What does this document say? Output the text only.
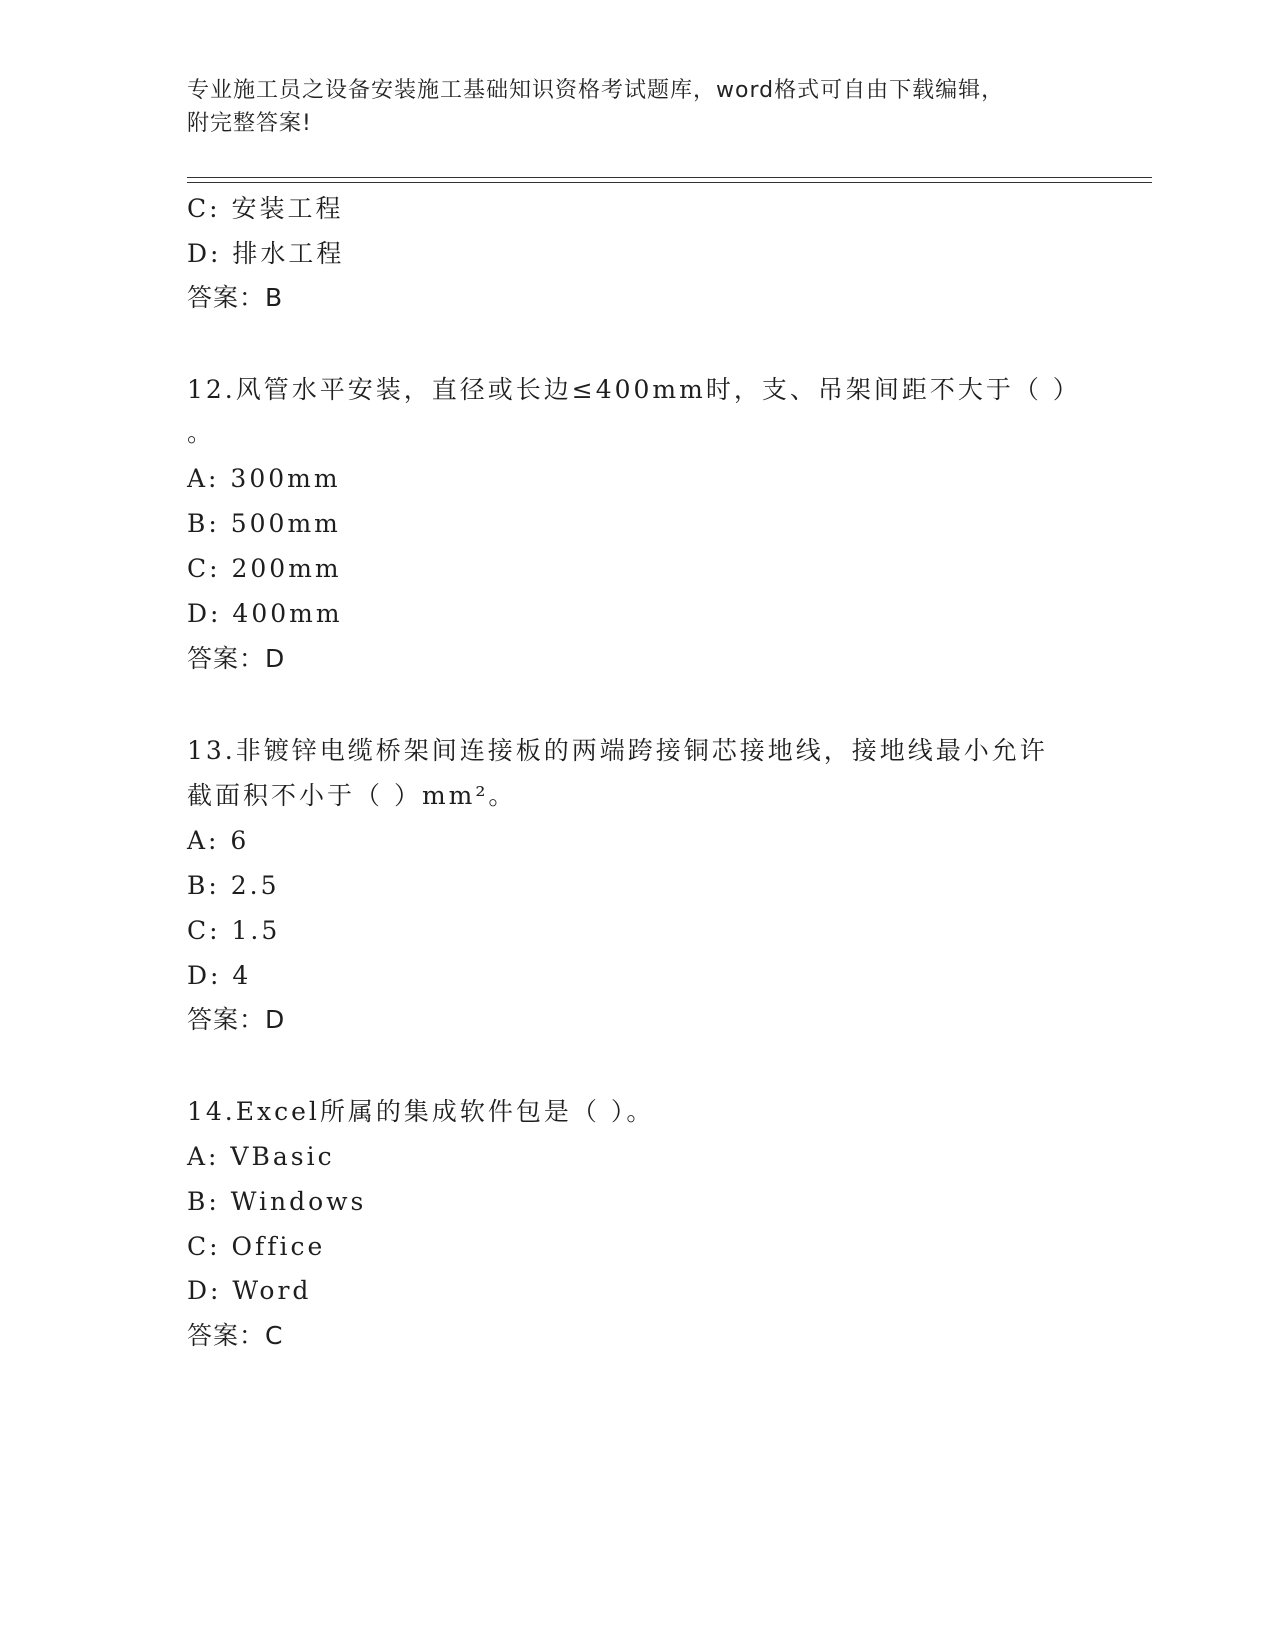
专业施工员之设备安装施工基础知识资格考试题库，word格式可自由下载编辑，
附完整答案!
C: 安装工程
D: 排水工程
答案：B
12.风管水平安装，直径或长边≤400mm时，支、吊架间距不大于（ ）
。
A: 300mm
B: 500mm
C: 200mm
D: 400mm
答案：D
13.非镀锌电缆桥架间连接板的两端跨接铜芯接地线，接地线最小允许
截面积不小于（ ）mm²。
A: 6
B: 2.5
C: 1.5
D: 4
答案：D
14.Excel所属的集成软件包是（ ）。
A: VBasic
B: Windows
C: Office
D: Word
答案：C
